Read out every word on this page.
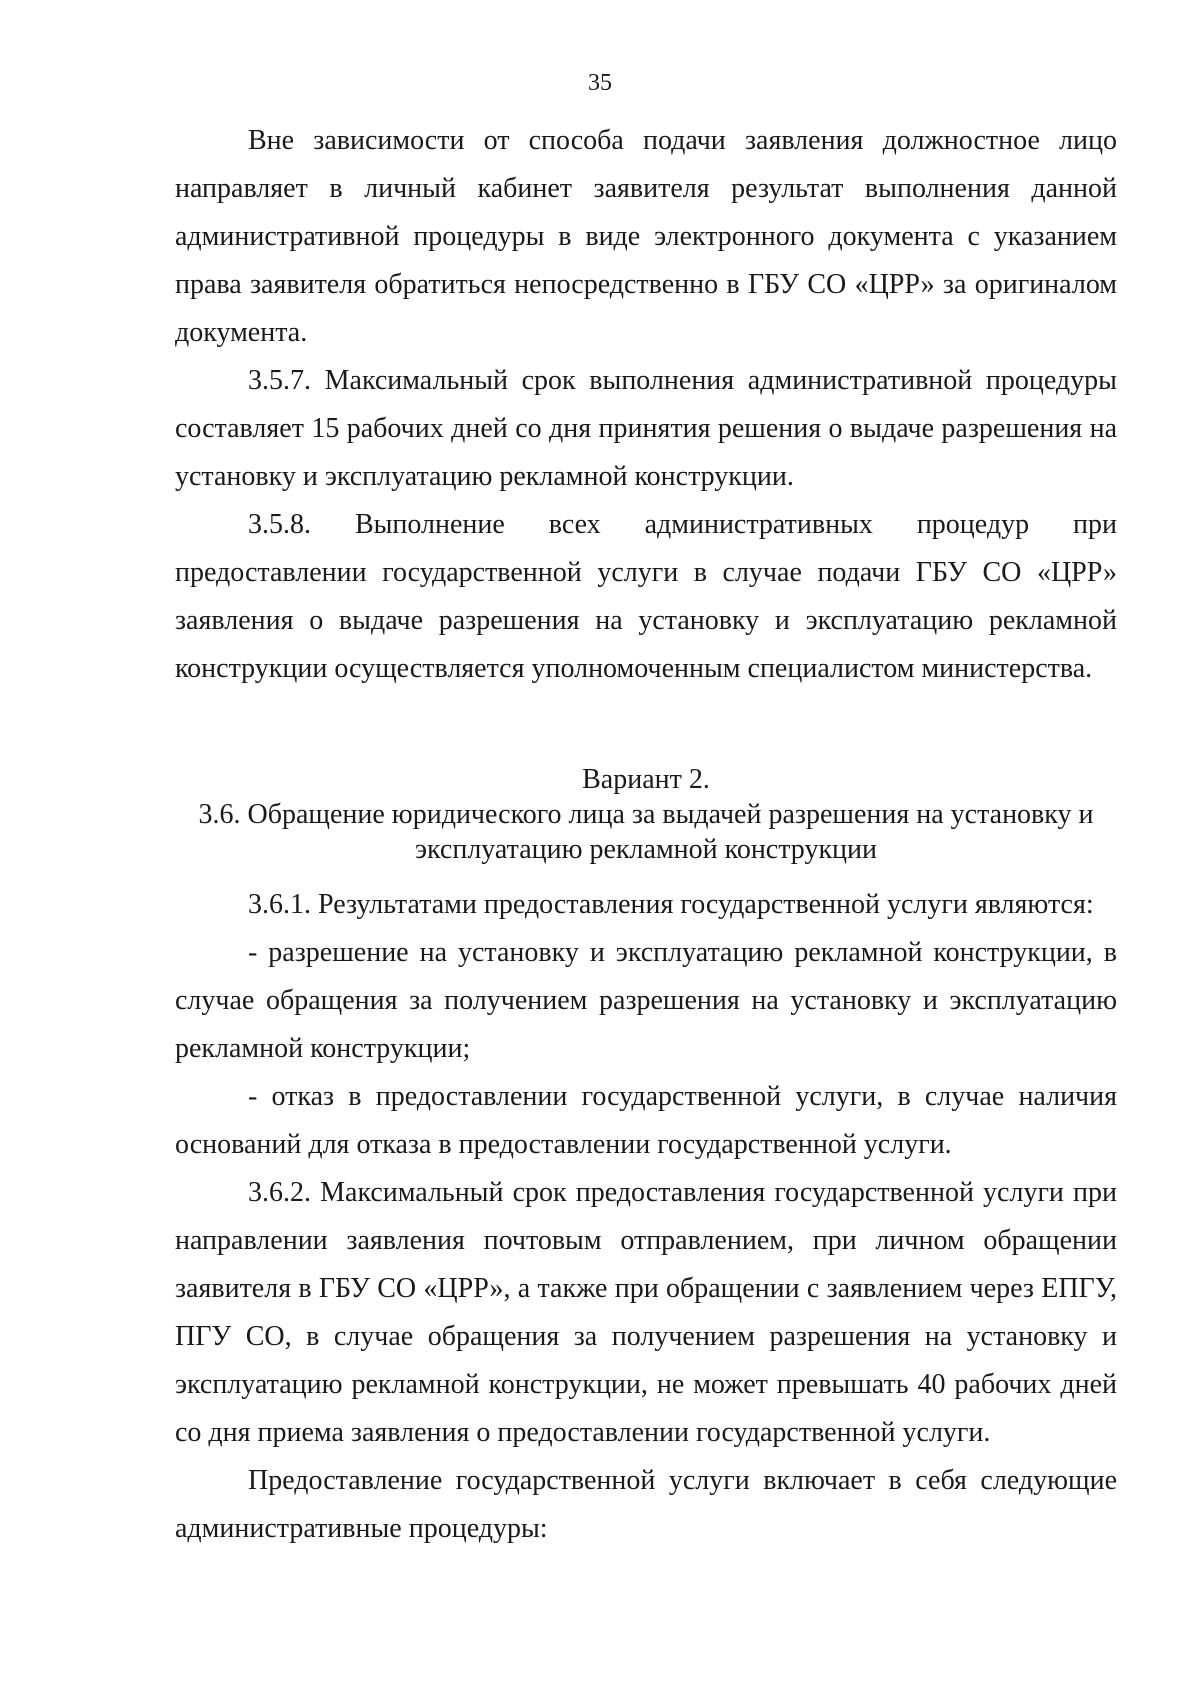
35

Вне зависимости от способа подачи заявления должностное лицо направляет в личный кабинет заявителя результат выполнения данной административной процедуры в виде электронного документа с указанием права заявителя обратиться непосредственно в ГБУ СО «ЦРР» за оригиналом документа.

3.5.7. Максимальный срок выполнения административной процедуры составляет 15 рабочих дней со дня принятия решения о выдаче разрешения на установку и эксплуатацию рекламной конструкции.

3.5.8. Выполнение всех административных процедур при предоставлении государственной услуги в случае подачи ГБУ СО «ЦРР» заявления о выдаче разрешения на установку и эксплуатацию рекламной конструкции осуществляется уполномоченным специалистом министерства.

Вариант 2.
3.6. Обращение юридического лица за выдачей разрешения на установку и
эксплуатацию рекламной конструкции

3.6.1. Результатами предоставления государственной услуги являются:

- разрешение на установку и эксплуатацию рекламной конструкции, в случае обращения за получением разрешения на установку и эксплуатацию рекламной конструкции;

- отказ в предоставлении государственной услуги, в случае наличия оснований для отказа в предоставлении государственной услуги.

3.6.2. Максимальный срок предоставления государственной услуги при направлении заявления почтовым отправлением, при личном обращении заявителя в ГБУ СО «ЦРР», а также при обращении с заявлением через ЕПГУ, ПГУ СО, в случае обращения за получением разрешения на установку и эксплуатацию рекламной конструкции, не может превышать 40 рабочих дней со дня приема заявления о предоставлении государственной услуги.

Предоставление государственной услуги включает в себя следующие административные процедуры:
